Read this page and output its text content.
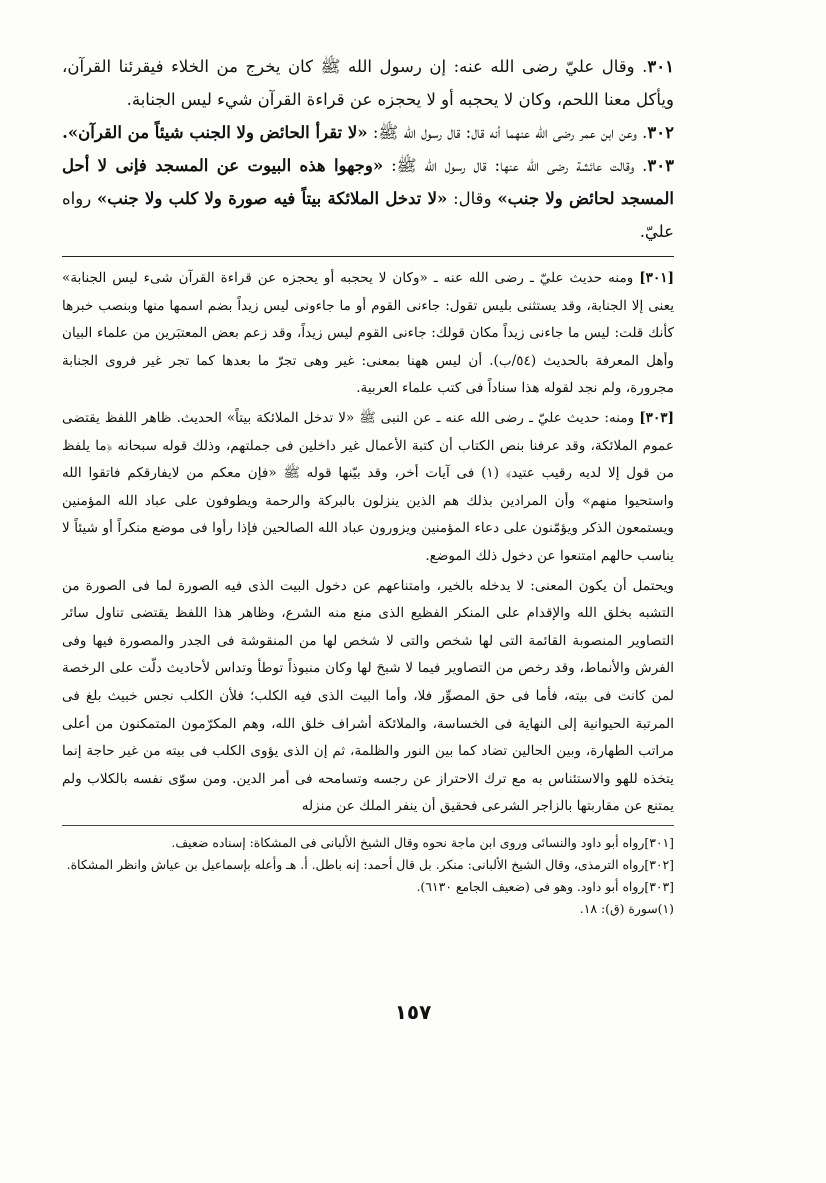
٣٠١. وقال عليّ رضى الله عنه: إن رسول الله ﷺ كان يخرج من الخلاء فيقرئنا القرآن، ويأكل معنا اللحم، وكان لا يحجبه أو لا يحجزه عن قراءة القرآن شيء ليس الجنابة.

٣٠٢. وعن ابن عمر رضى الله عنهما أنه قال: قال رسول الله ﷺ: «لا تقرأ الحائض ولا الجنب شيئاً من القرآن».

٣٠٣. وقالت عائشة رضى الله عنها: قال رسول الله ﷺ: «وجهوا هذه البيوت عن المسجد فإنى لا أحل المسجد لحائض ولا جنب» وقال: «لا تدخل الملائكة بيتاً فيه صورة ولا كلب ولا جنب» رواه عليّ.

[٣٠١] ومنه حديث عليّ ـ رضى الله عنه ـ «وكان لا يحجبه أو يحجزه عن قراءة القرآن شىء ليس الجنابة» يعنى إلا الجنابة، وقد يستثنى بليس تقول: جاءنى القوم أو ما جاءونى ليس زيداً بضم اسمها منها وبنصب خبرها كأنك قلت: ليس ما جاءنى زيداً مكان قولك: جاءنى القوم ليس زيداً، وقد زعم بعض المعتبَرين من علماء البيان وأهل المعرفة بالحديث (٥٤/ب). أن ليس ههنا بمعنى: غير وهى تجرّ ما بعدها كما تجر غير فروى الجنابة مجرورة، ولم نجد لقوله هذا سناداً فى كتب علماء العربية.

[٣٠٣] ومنه: حديث عليّ ـ رضى الله عنه ـ عن النبى ﷺ «لا تدخل الملائكة بيتاً» الحديث. ظاهر اللفظ يقتضى عموم الملائكة، وقد عرفنا بنص الكتاب أن كتبة الأعمال غير داخلين فى جملتهم، وذلك قوله سبحانه ﴿ما يلفظ من قول إلا لديه رقيب عتيد﴾ (١) فى آيات أخر، وقد بيّنها قوله ﷺ «فإن معكم من لايفارقكم فاتقوا الله واستحيوا منهم» وأن المرادين بذلك هم الذين ينزلون بالبركة والرحمة ويطوفون على عباد الله المؤمنين ويستمعون الذكر ويؤمّنون على دعاء المؤمنين ويزورون عباد الله الصالحين فإذا رأوا فى موضع منكراً أو شيئاً لا يناسب حالهم امتنعوا عن دخول ذلك الموضع.

ويحتمل أن يكون المعنى: لا يدخله بالخير، وامتناعهم عن دخول البيت الذى فيه الصورة لما فى الصورة من التشبه بخلق الله والإقدام على المنكر الفظيع الذى منع منه الشرع، وظاهر هذا اللفظ يقتضى تناول سائر التصاوير المنصوبة القائمة التى لها شخص والتى لا شخص لها من المنقوشة فى الجدر والمصورة فيها وفى الفرش والأنماط، وقد رخص من التصاوير فيما لا شبحَ لها وكان منبوذاً توطأ وتداس لأحاديث دلّت على الرخصة لمن كانت فى بيته، فأما فى حق المصوِّر فلا، وأما البيت الذى فيه الكلب؛ فلأن الكلب نجس خبيث بلغ فى المرتبة الحيوانية إلى النهاية فى الخساسة، والملائكة أشراف خلق الله، وهم المكرّمون المتمكنون من أعلى مراتب الطهارة، وبين الحالين تضاد كما بين النور والظلمة، ثم إن الذى يؤوى الكلب فى بيته من غير حاجة إنما يتخذه للهو والاستئناس به مع ترك الاحتراز عن رجسه وتسامحه فى أمر الدين. ومن سوّى نفسه بالكلاب ولم يمتنع عن مقاربتها بالزاجر الشرعى فحقيق أن ينفر الملك عن منزله

[٣٠١]رواه أبو داود والنسائى وروى ابن ماجة نحوه وقال الشيخ الألبانى فى المشكاة: إسناده ضعيف.

[٣٠٢]رواه الترمذى، وقال الشيخ الألبانى: منكر. بل قال أحمد: إنه باطل. أ. هـ وأعله بإسماعيل بن عياش وانظر المشكاة.

[٣٠٣]رواه أبو داود. وهو فى (ضعيف الجامع ٦١٣٠).

(١)سورة (ق): ١٨.

١٥٧
